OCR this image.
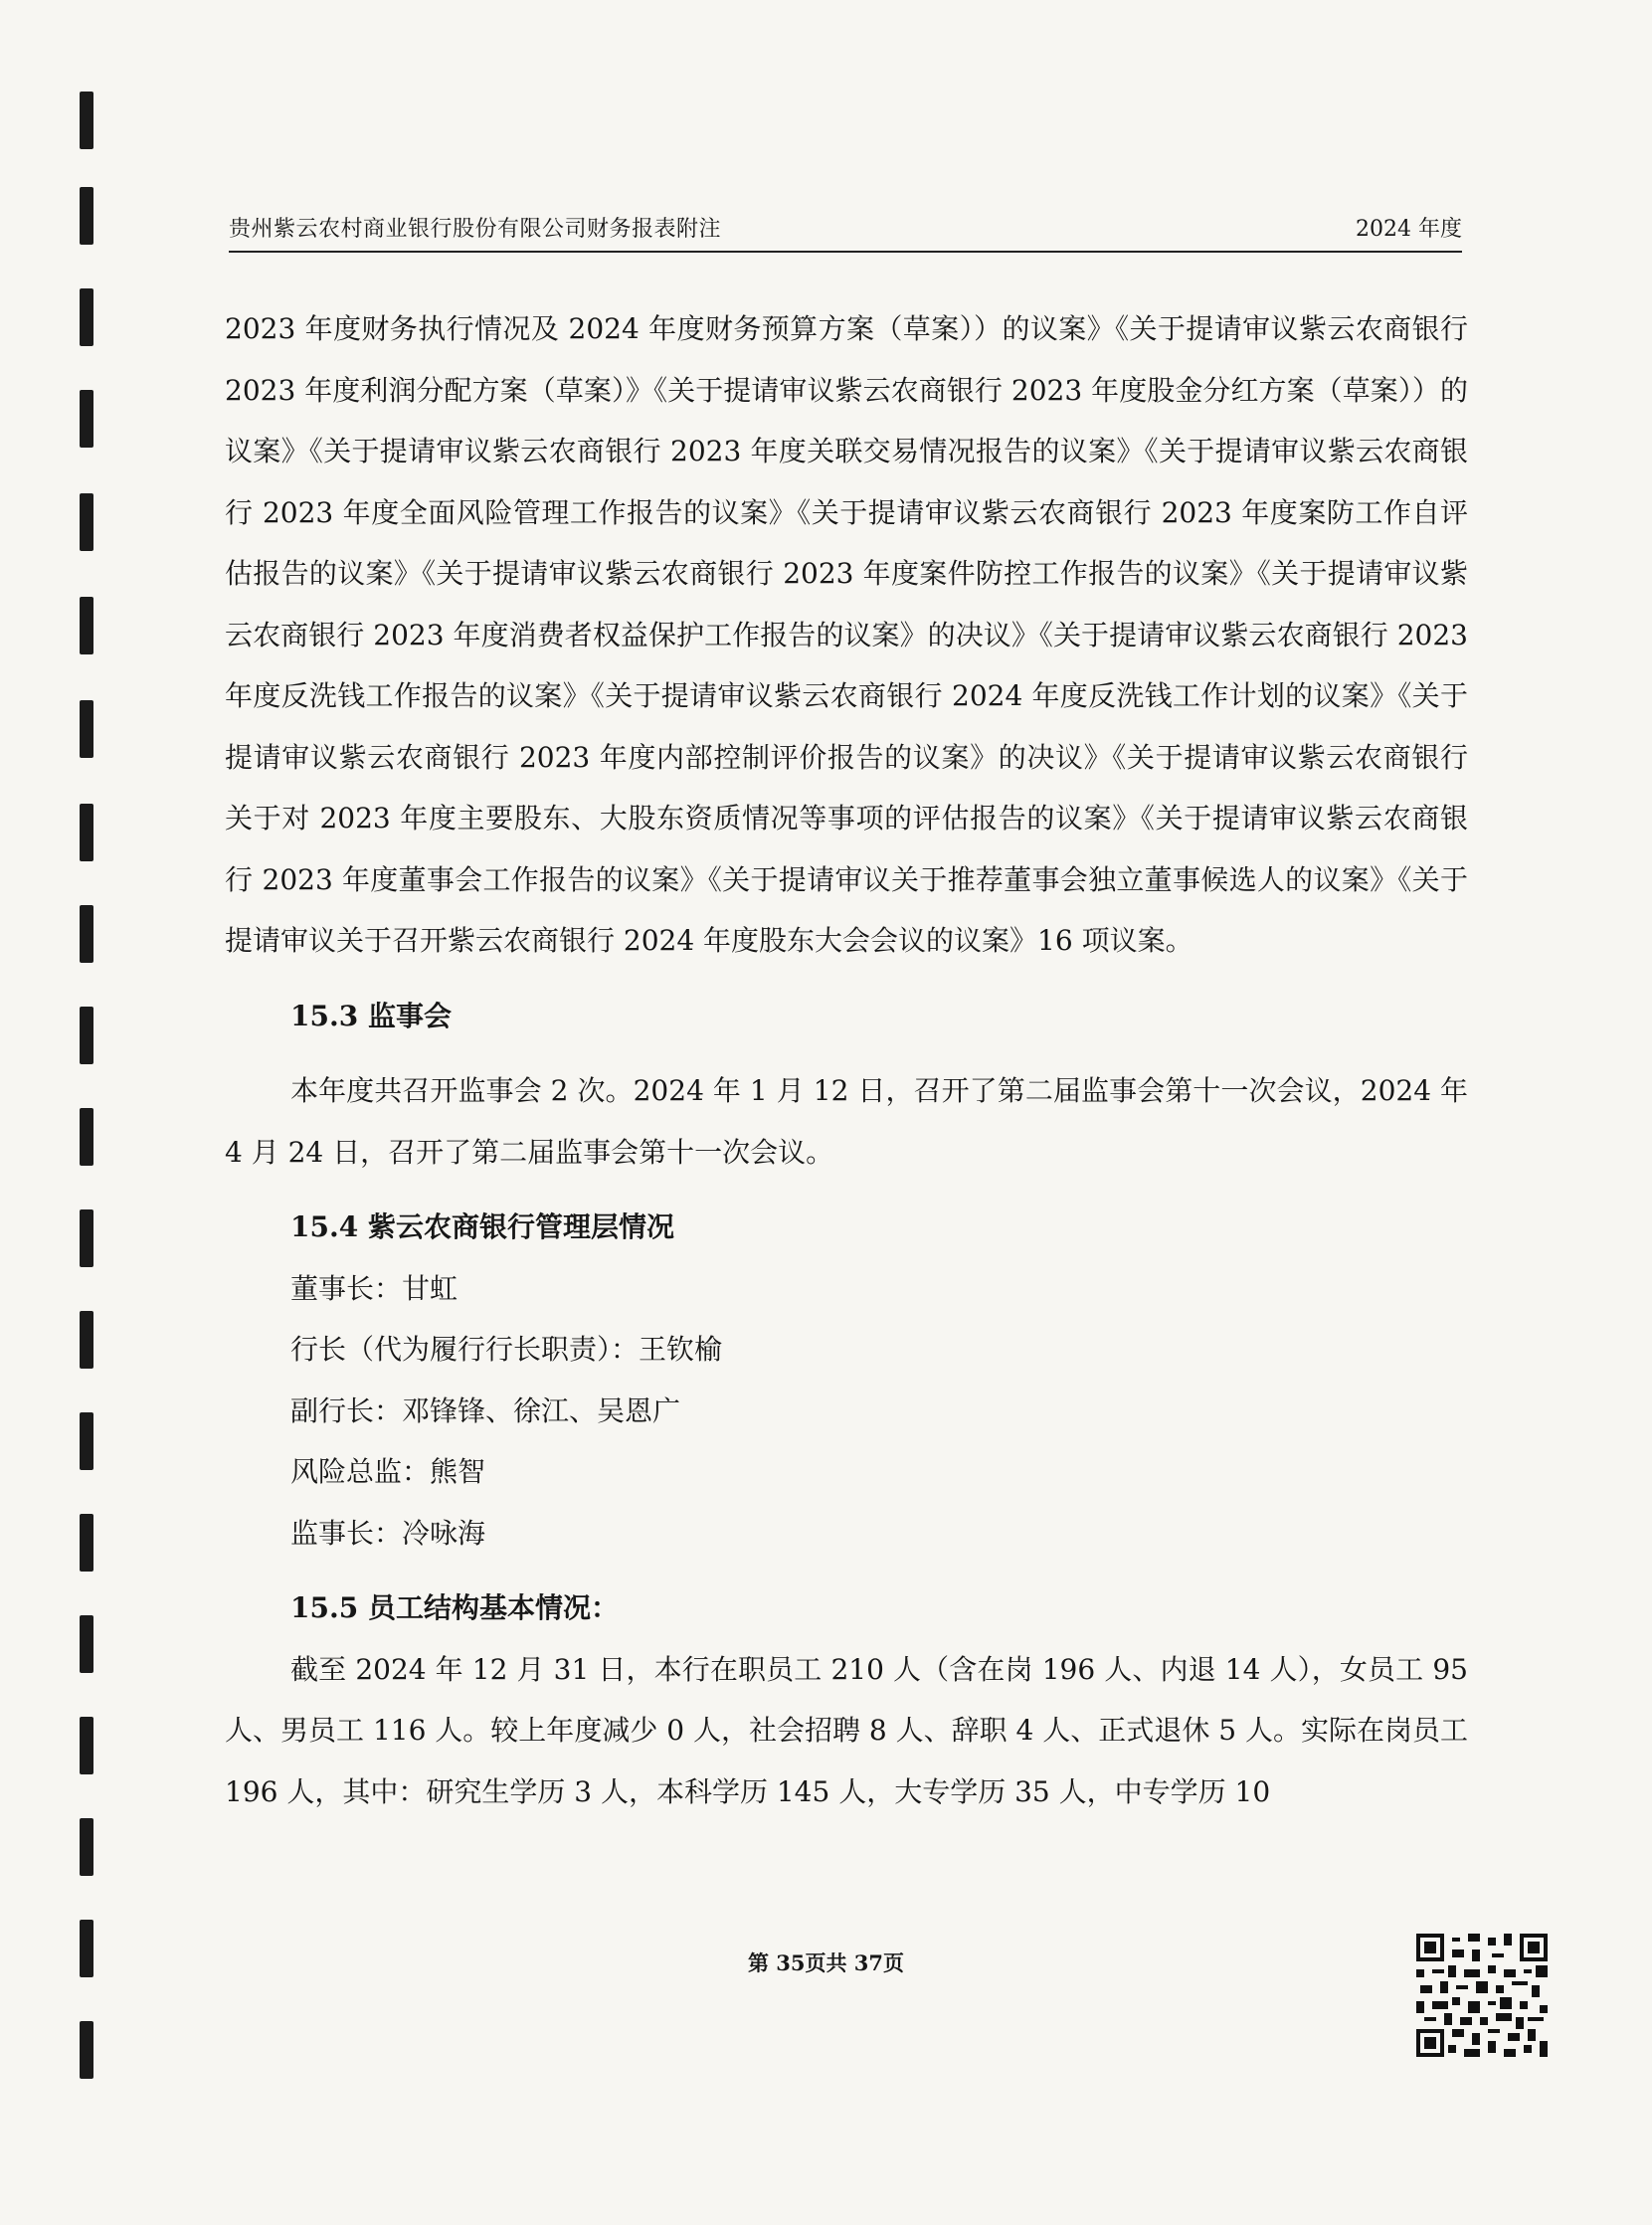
贵州紫云农村商业银行股份有限公司财务报表附注	2024 年度

2023 年度财务执行情况及 2024 年度财务预算方案（草案））的议案》《关于提请审议紫云农商银行 2023 年度利润分配方案（草案）》《关于提请审议紫云农商银行 2023 年度股金分红方案（草案））的议案》《关于提请审议紫云农商银行 2023 年度关联交易情况报告的议案》《关于提请审议紫云农商银行 2023 年度全面风险管理工作报告的议案》《关于提请审议紫云农商银行 2023 年度案防工作自评估报告的议案》《关于提请审议紫云农商银行 2023 年度案件防控工作报告的议案》《关于提请审议紫云农商银行 2023 年度消费者权益保护工作报告的议案》的决议》《关于提请审议紫云农商银行 2023 年度反洗钱工作报告的议案》《关于提请审议紫云农商银行 2024 年度反洗钱工作计划的议案》《关于提请审议紫云农商银行 2023 年度内部控制评价报告的议案》的决议》《关于提请审议紫云农商银行关于对 2023 年度主要股东、大股东资质情况等事项的评估报告的议案》《关于提请审议紫云农商银行 2023 年度董事会工作报告的议案》《关于提请审议关于推荐董事会独立董事候选人的议案》《关于提请审议关于召开紫云农商银行 2024 年度股东大会会议的议案》16 项议案。

15.3 监事会

本年度共召开监事会 2 次。2024 年 1 月 12 日，召开了第二届监事会第十一次会议，2024 年 4 月 24 日，召开了第二届监事会第十一次会议。

15.4 紫云农商银行管理层情况

董事长：甘虹

行长（代为履行行长职责）：王钦榆

副行长：邓锋锋、徐江、吴恩广

风险总监：熊智

监事长：冷咏海

15.5 员工结构基本情况：

截至 2024 年 12 月 31 日，本行在职员工 210 人（含在岗 196 人、内退 14 人），女员工 95 人、男员工 116 人。较上年度减少 0 人，社会招聘 8 人、辞职 4 人、正式退休 5 人。实际在岗员工 196 人，其中：研究生学历 3 人，本科学历 145 人，大专学历 35 人，中专学历 10

第 35页共 37页
